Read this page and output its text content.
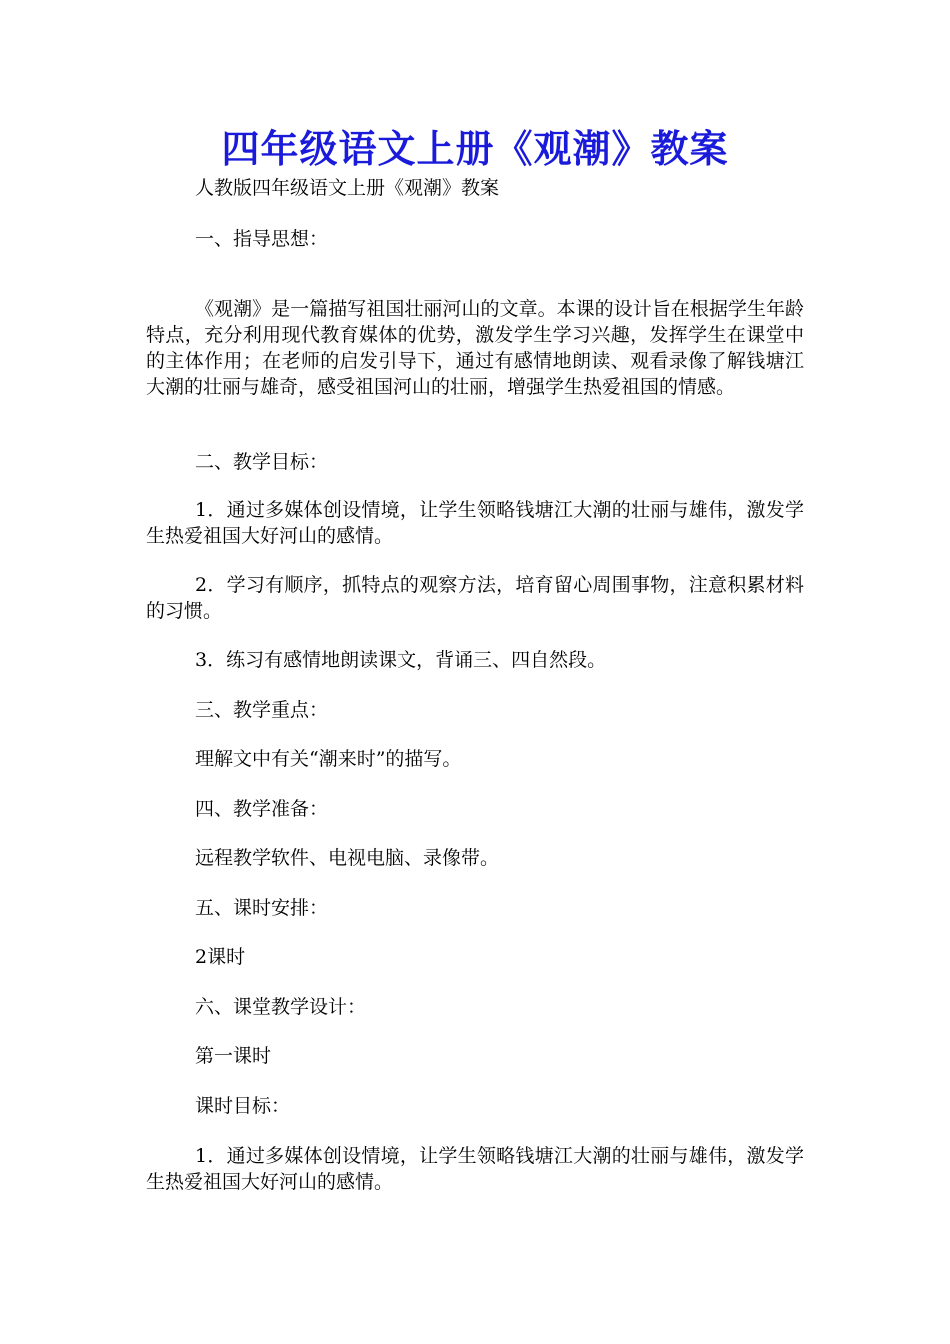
四年级语文上册《观潮》教案
人教版四年级语文上册《观潮》教案
一、指导思想：
《观潮》是一篇描写祖国壮丽河山的文章。本课的设计旨在根据学生年龄特点，充分利用现代教育媒体的优势，激发学生学习兴趣，发挥学生在课堂中的主体作用；在老师的启发引导下，通过有感情地朗读、观看录像了解钱塘江大潮的壮丽与雄奇，感受祖国河山的壮丽，增强学生热爱祖国的情感。
二、教学目标：
1．通过多媒体创设情境，让学生领略钱塘江大潮的壮丽与雄伟，激发学生热爱祖国大好河山的感情。
2．学习有顺序，抓特点的观察方法，培育留心周围事物，注意积累材料的习惯。
3．练习有感情地朗读课文，背诵三、四自然段。
三、教学重点：
理解文中有关“潮来时”的描写。
四、教学准备：
远程教学软件、电视电脑、录像带。
五、课时安排：
2课时
六、课堂教学设计：
第一课时
课时目标：
1．通过多媒体创设情境，让学生领略钱塘江大潮的壮丽与雄伟，激发学生热爱祖国大好河山的感情。
